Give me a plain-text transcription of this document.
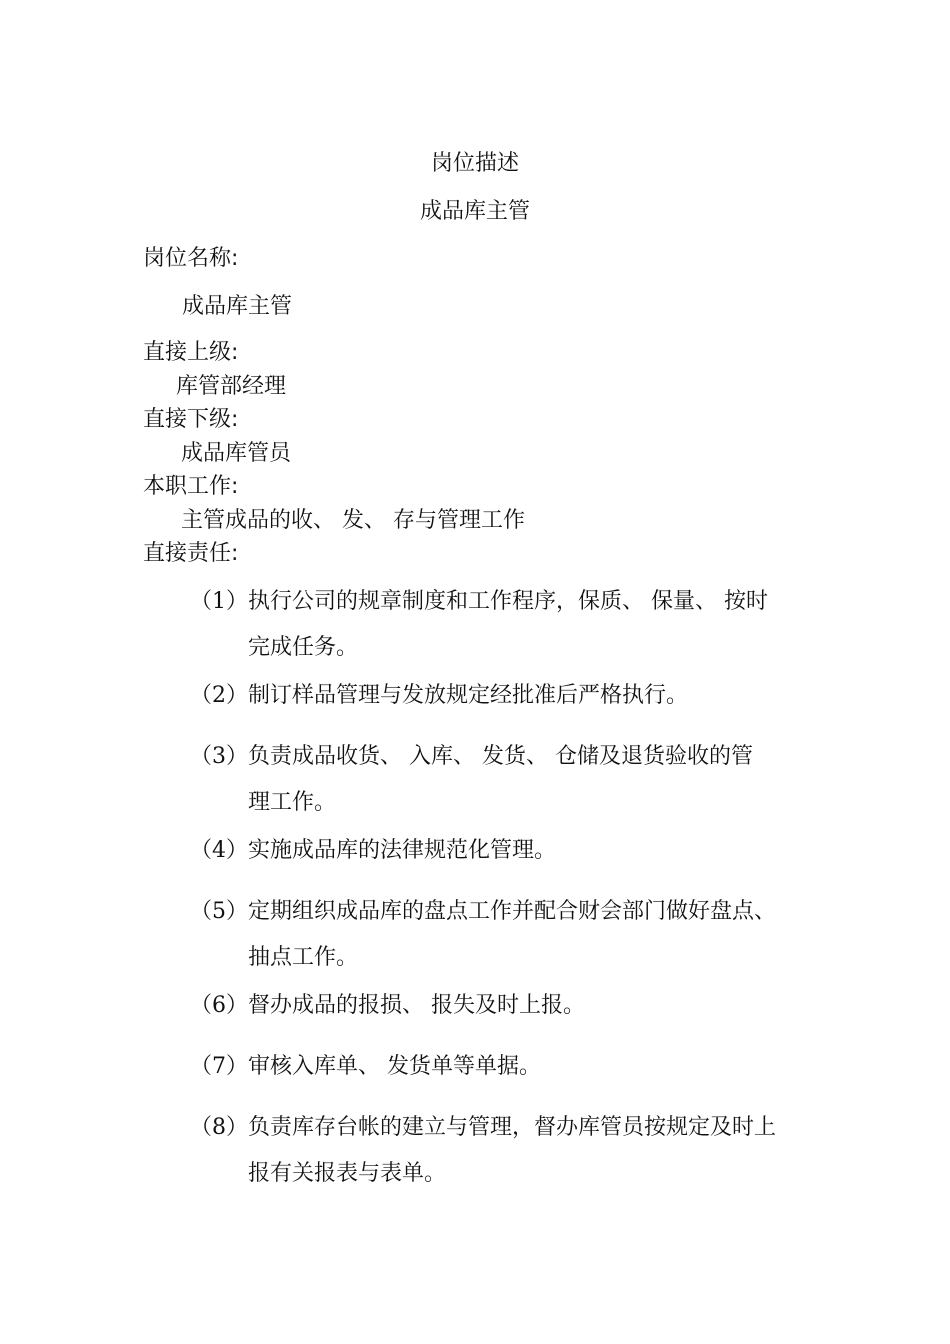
岗位描述
成品库主管
岗位名称:
成品库主管
直接上级:
库管部经理
直接下级:
成品库管员
本职工作:
主管成品的收、 发、 存与管理工作
直接责任:
（1） 执行公司的规章制度和工作程序，保质、 保量、 按时
完成任务。
（2） 制订样品管理与发放规定经批准后严格执行。
（3） 负责成品收货、 入库、 发货、 仓储及退货验收的管
理工作。
（4） 实施成品库的法律规范化管理。
（5） 定期组织成品库的盘点工作并配合财会部门做好盘点、
抽点工作。
（6） 督办成品的报损、 报失及时上报。
（7） 审核入库单、 发货单等单据。
（8） 负责库存台帐的建立与管理，督办库管员按规定及时上
报有关报表与表单。
